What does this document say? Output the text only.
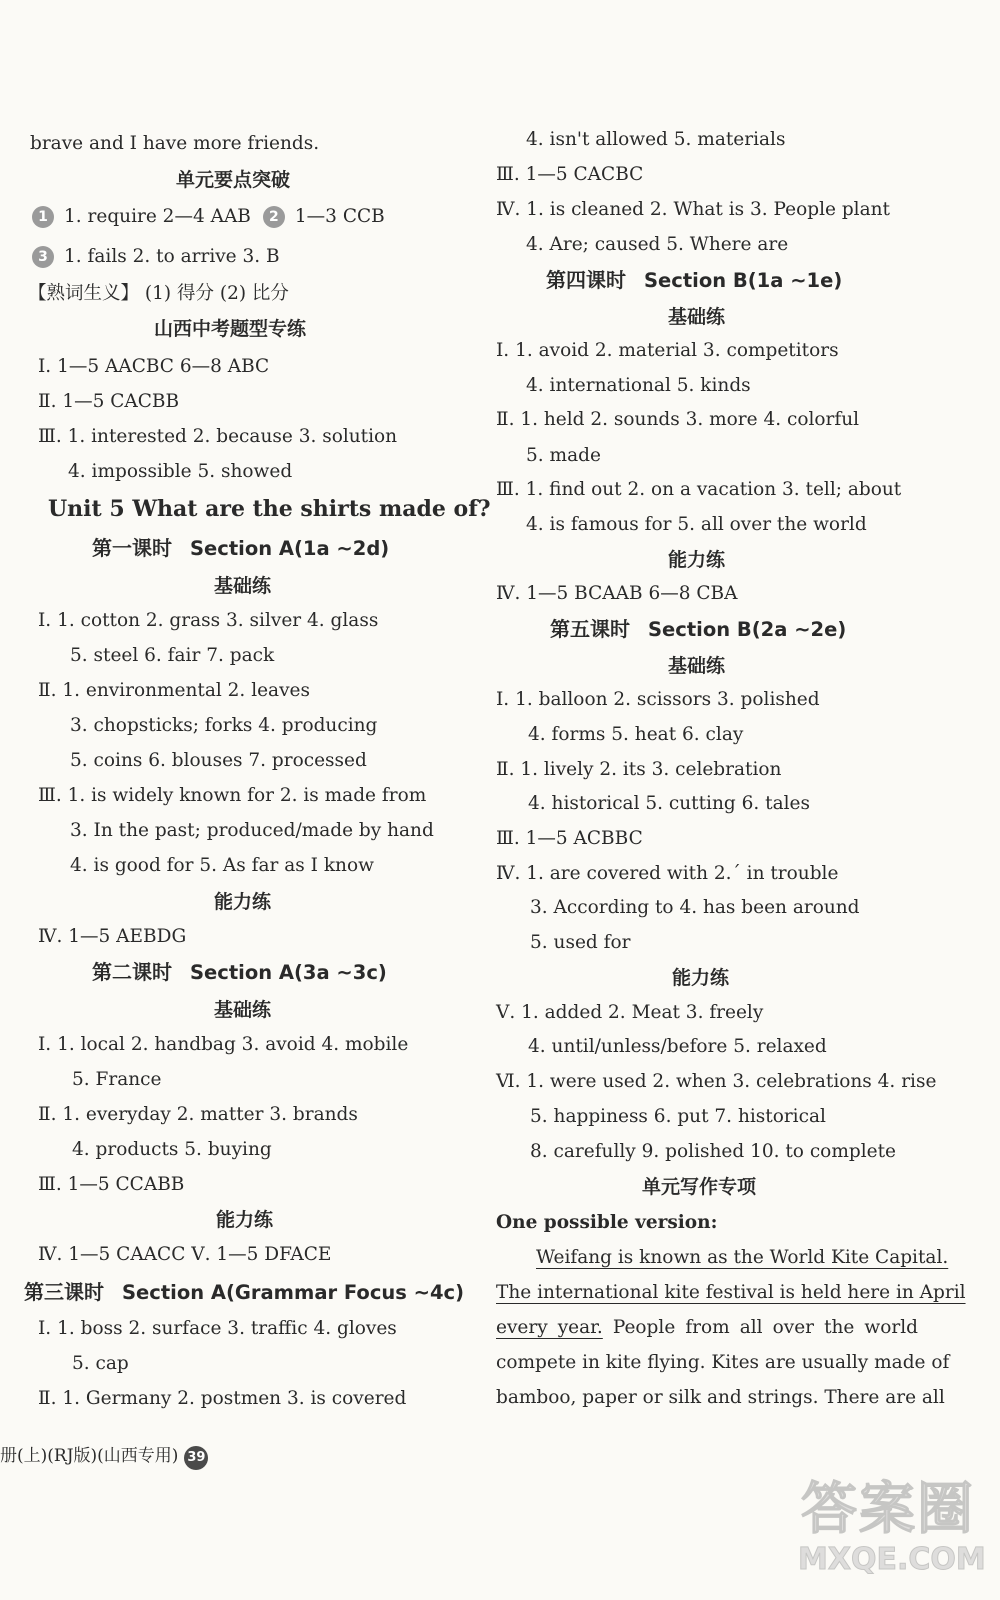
brave and I have more friends.
单元要点突破
1 1. require 2—4 AAB 2 1—3 CCB
3 1. fails 2. to arrive 3. B
【熟词生义】 (1) 得分 (2) 比分
山西中考题型专练
Ⅰ. 1—5 AACBC 6—8 ABC
Ⅱ. 1—5 CACBB
Ⅲ. 1. interested 2. because 3. solution
4. impossible 5. showed
Unit 5 What are the shirts made of?
第一课时 Section A(1a ~2d)
基础练
Ⅰ. 1. cotton 2. grass 3. silver 4. glass
5. steel 6. fair 7. pack
Ⅱ. 1. environmental 2. leaves
3. chopsticks; forks 4. producing
5. coins 6. blouses 7. processed
Ⅲ. 1. is widely known for 2. is made from
3. In the past; produced/made by hand
4. is good for 5. As far as I know
能力练
Ⅳ. 1—5 AEBDG
第二课时 Section A(3a ~3c)
基础练
Ⅰ. 1. local 2. handbag 3. avoid 4. mobile
5. France
Ⅱ. 1. everyday 2. matter 3. brands
4. products 5. buying
Ⅲ. 1—5 CCABB
能力练
Ⅳ. 1—5 CAACC Ⅴ. 1—5 DFACE
第三课时 Section A(Grammar Focus ~4c)
Ⅰ. 1. boss 2. surface 3. traffic 4. gloves
5. cap
Ⅱ. 1. Germany 2. postmen 3. is covered
4. isn't allowed 5. materials
Ⅲ. 1—5 CACBC
Ⅳ. 1. is cleaned 2. What is 3. People plant
4. Are; caused 5. Where are
第四课时 Section B(1a ~1e)
基础练
Ⅰ. 1. avoid 2. material 3. competitors
4. international 5. kinds
Ⅱ. 1. held 2. sounds 3. more 4. colorful
5. made
Ⅲ. 1. find out 2. on a vacation 3. tell; about
4. is famous for 5. all over the world
能力练
Ⅳ. 1—5 BCAAB 6—8 CBA
第五课时 Section B(2a ~2e)
基础练
Ⅰ. 1. balloon 2. scissors 3. polished
4. forms 5. heat 6. clay
Ⅱ. 1. lively 2. its 3. celebration
4. historical 5. cutting 6. tales
Ⅲ. 1—5 ACBBC
Ⅳ. 1. are covered with 2.ˊ in trouble
3. According to 4. has been around
5. used for
能力练
Ⅴ. 1. added 2. Meat 3. freely
4. until/unless/before 5. relaxed
Ⅵ. 1. were used 2. when 3. celebrations 4. rise
5. happiness 6. put 7. historical
8. carefully 9. polished 10. to complete
单元写作专项
One possible version:
Weifang is known as the World Kite Capital.
The international kite festival is held here in April
every year. People from all over the world
compete in kite flying. Kites are usually made of
bamboo, paper or silk and strings. There are all
册(上)(RJ版)(山西专用) 39
答案圈
MXQE.COM
